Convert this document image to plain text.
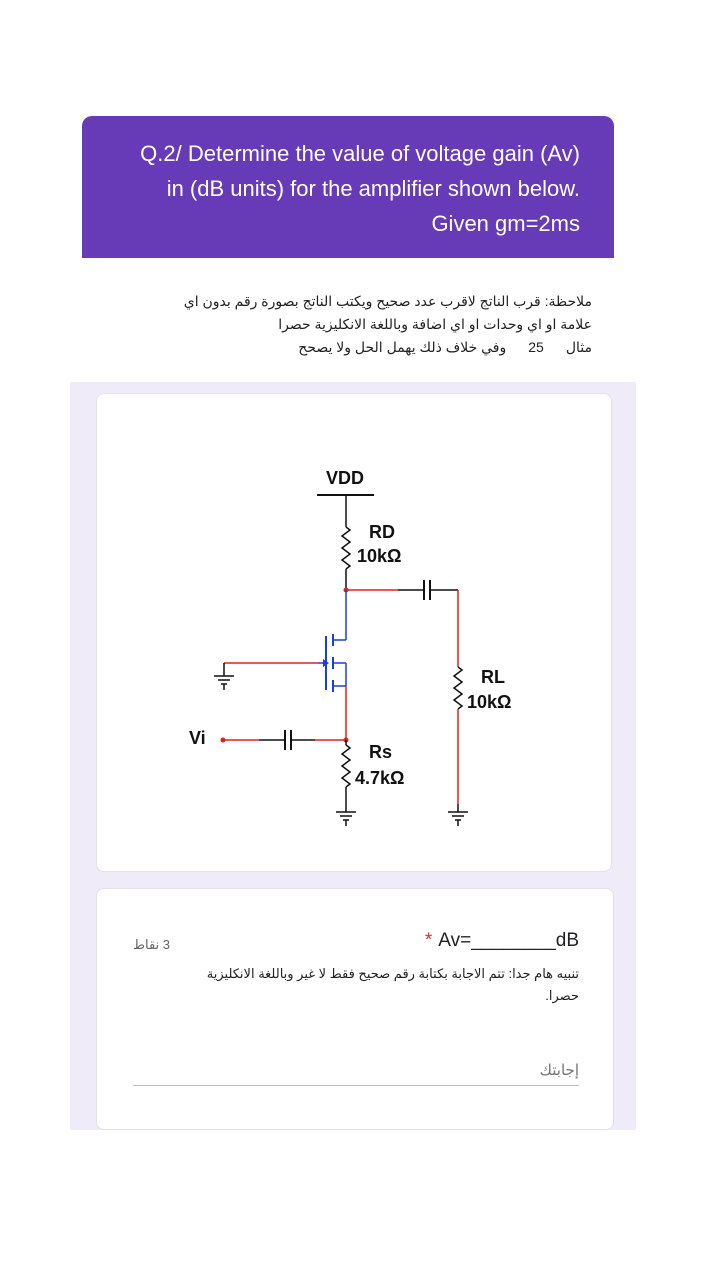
Q.2/ Determine the value of voltage gain (Av) in (dB units) for the amplifier shown below. Given gm=2ms
ملاحظة: قرب الناتج لاقرب عدد صحيح ويكتب الناتج بصورة رقم بدون اي
علامة او اي وحدات او اي اضافة وباللغة الانكليزية حصرا
مثال25وفي خلاف ذلك يهمل الحل ولا يصحح
VDD
RD
10kΩ
RL
10kΩ
Vi
Rs
4.7kΩ
3 نقاط	* Av=________dB
تنبيه هام جدا: تتم الاجابة بكتابة رقم صحيح فقط لا غير وباللغة الانكليزية حصرا.
إجابتك
